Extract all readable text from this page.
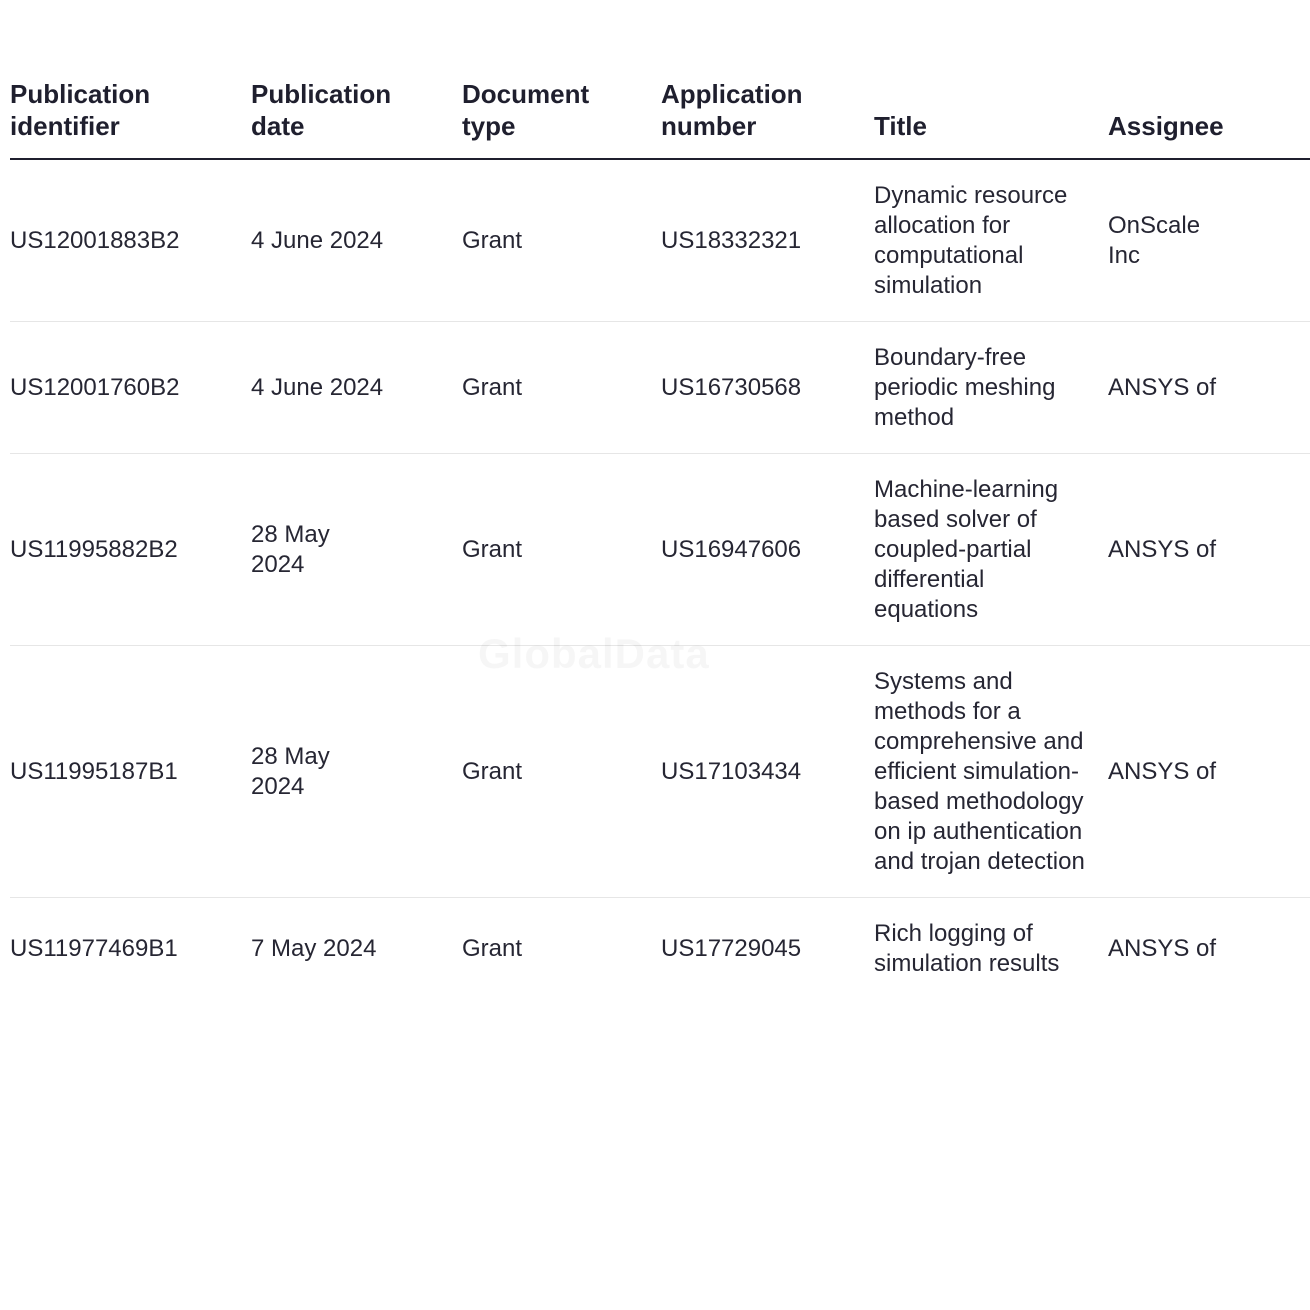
Publication identifier	Publication date	Document type	Application number	Title	Assignee

US12001883B2	4 June 2024	Grant	US18332321	Dynamic resource allocation for computational simulation	OnScale Inc

US12001760B2	4 June 2024	Grant	US16730568	Boundary-free periodic meshing method	ANSYS of

US11995882B2	28 May 2024	Grant	US16947606	Machine-learning based solver of coupled-partial differential equations	ANSYS of

US11995187B1	28 May 2024	Grant	US17103434	Systems and methods for a comprehensive and efficient simulation-based methodology on ip authentication and trojan detection	ANSYS of

US11977469B1	7 May 2024	Grant	US17729045	Rich logging of simulation results	ANSYS of
